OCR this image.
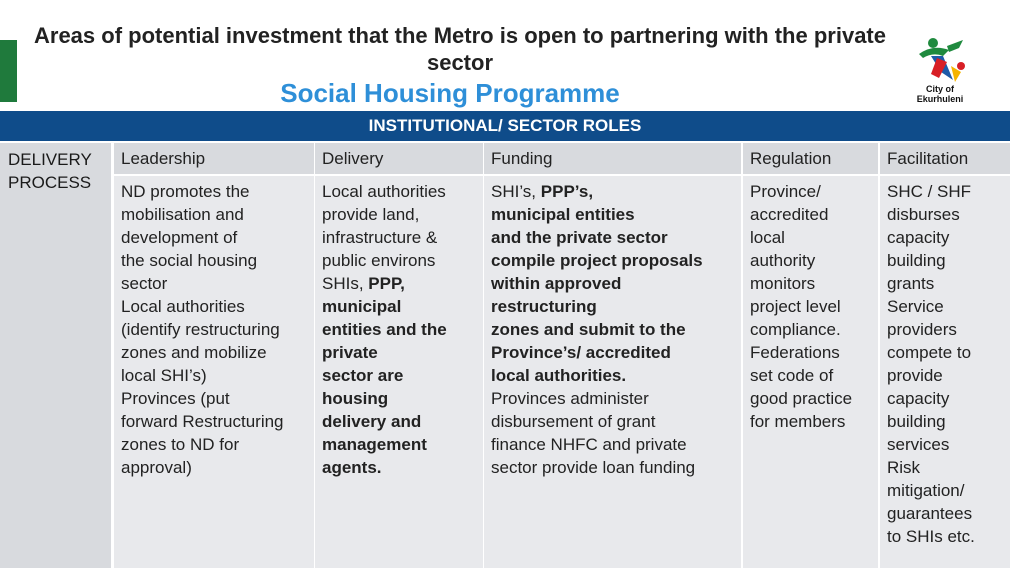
Areas of potential investment that the Metro is open to partnering with the private sector
Social Housing Programme	City of
Ekurhuleni
INSTITUTIONAL/ SECTOR ROLES
DELIVERY
PROCESS
Leadership
ND promotes the
mobilisation and
development of
the social housing
sector
Local authorities
(identify restructuring
zones and mobilize
local SHI’s)
Provinces (put
forward Restructuring
zones to ND for
approval)
Delivery
Local authorities
provide land,
infrastructure &
public environs
SHIs, PPP,
municipal
entities and the
private
sector are
housing
delivery and
management
agents.
Funding
SHI’s, PPP’s,
municipal entities
and the private sector
compile project proposals
within approved
restructuring
zones and submit to the
Province’s/ accredited
local authorities.
Provinces administer
disbursement of grant
finance NHFC and private
sector provide loan funding
Regulation
Province/
accredited
local
authority
monitors
project level
compliance.
Federations
set code of
good practice
for members
Facilitation
SHC / SHF
disburses
capacity
building
grants
Service
providers
compete to
provide
capacity
building
services
Risk
mitigation/
guarantees
to SHIs etc.
